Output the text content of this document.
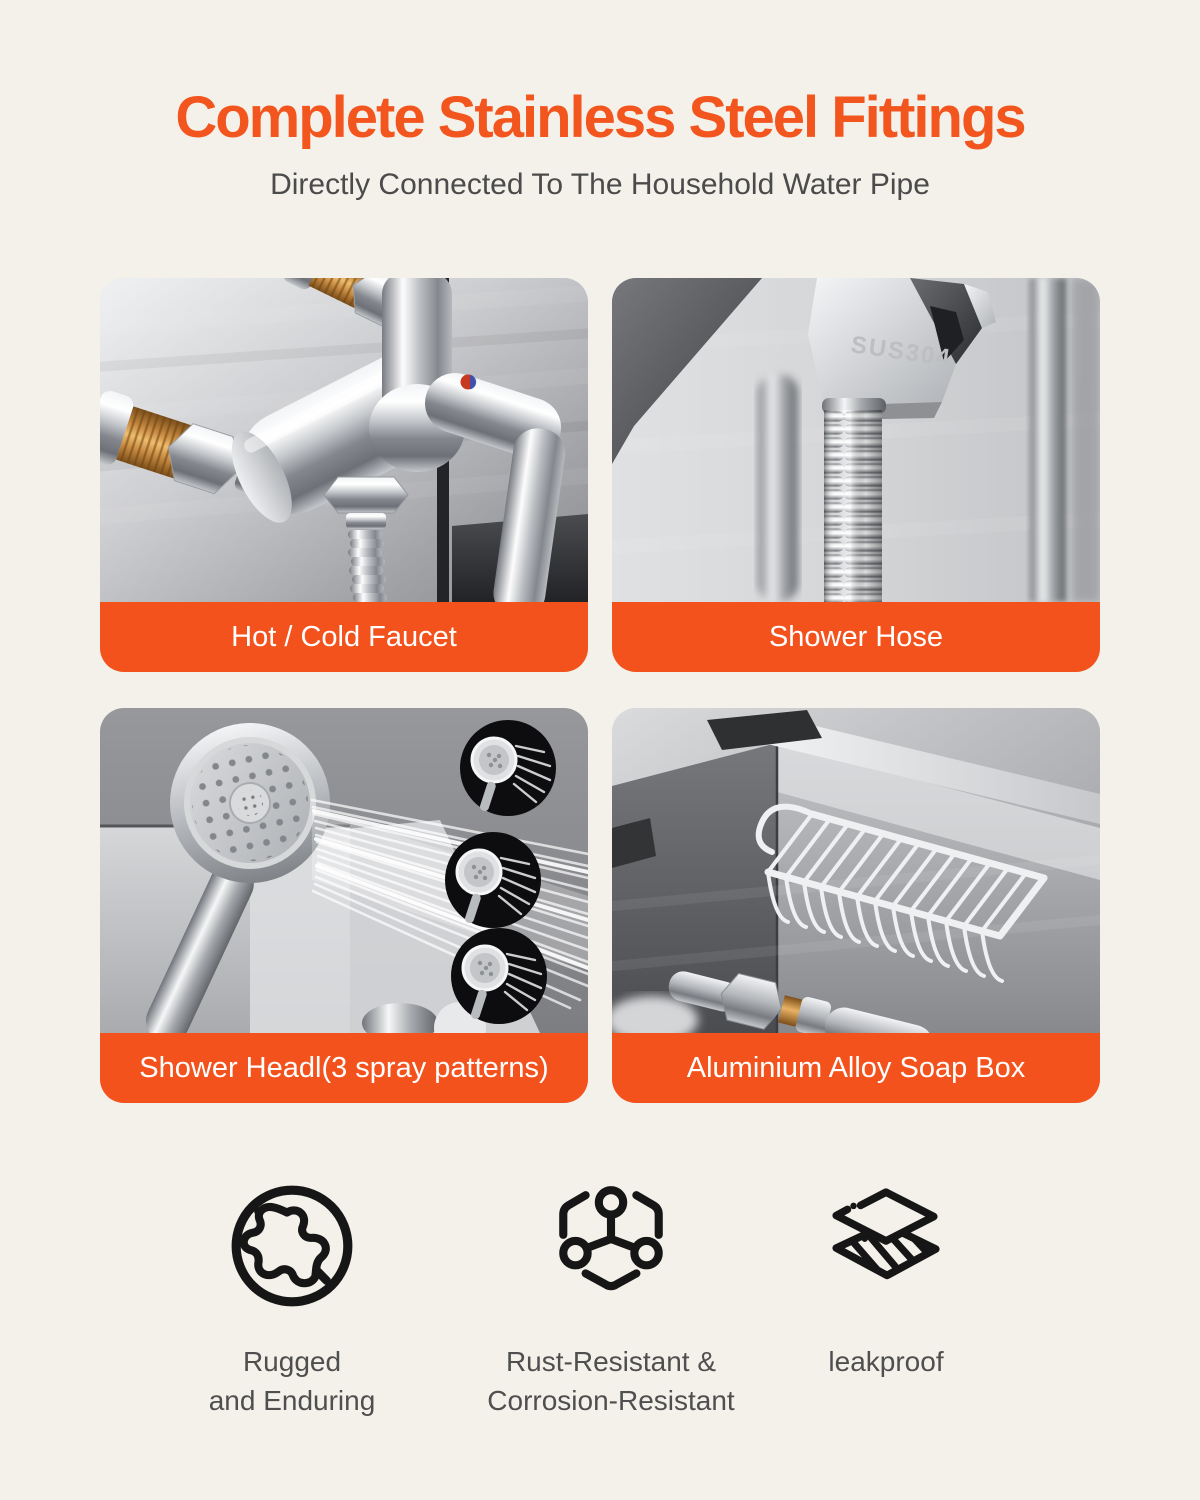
Complete Stainless Steel Fittings
Directly Connected To The Household Water Pipe
Hot / Cold Faucet
SUS304
Shower Hose
Shower Headl(3 spray patterns)	Aluminium Alloy Soap Box
Rugged
and Enduring
Rust-Resistant &
Corrosion-Resistant
leakproof
